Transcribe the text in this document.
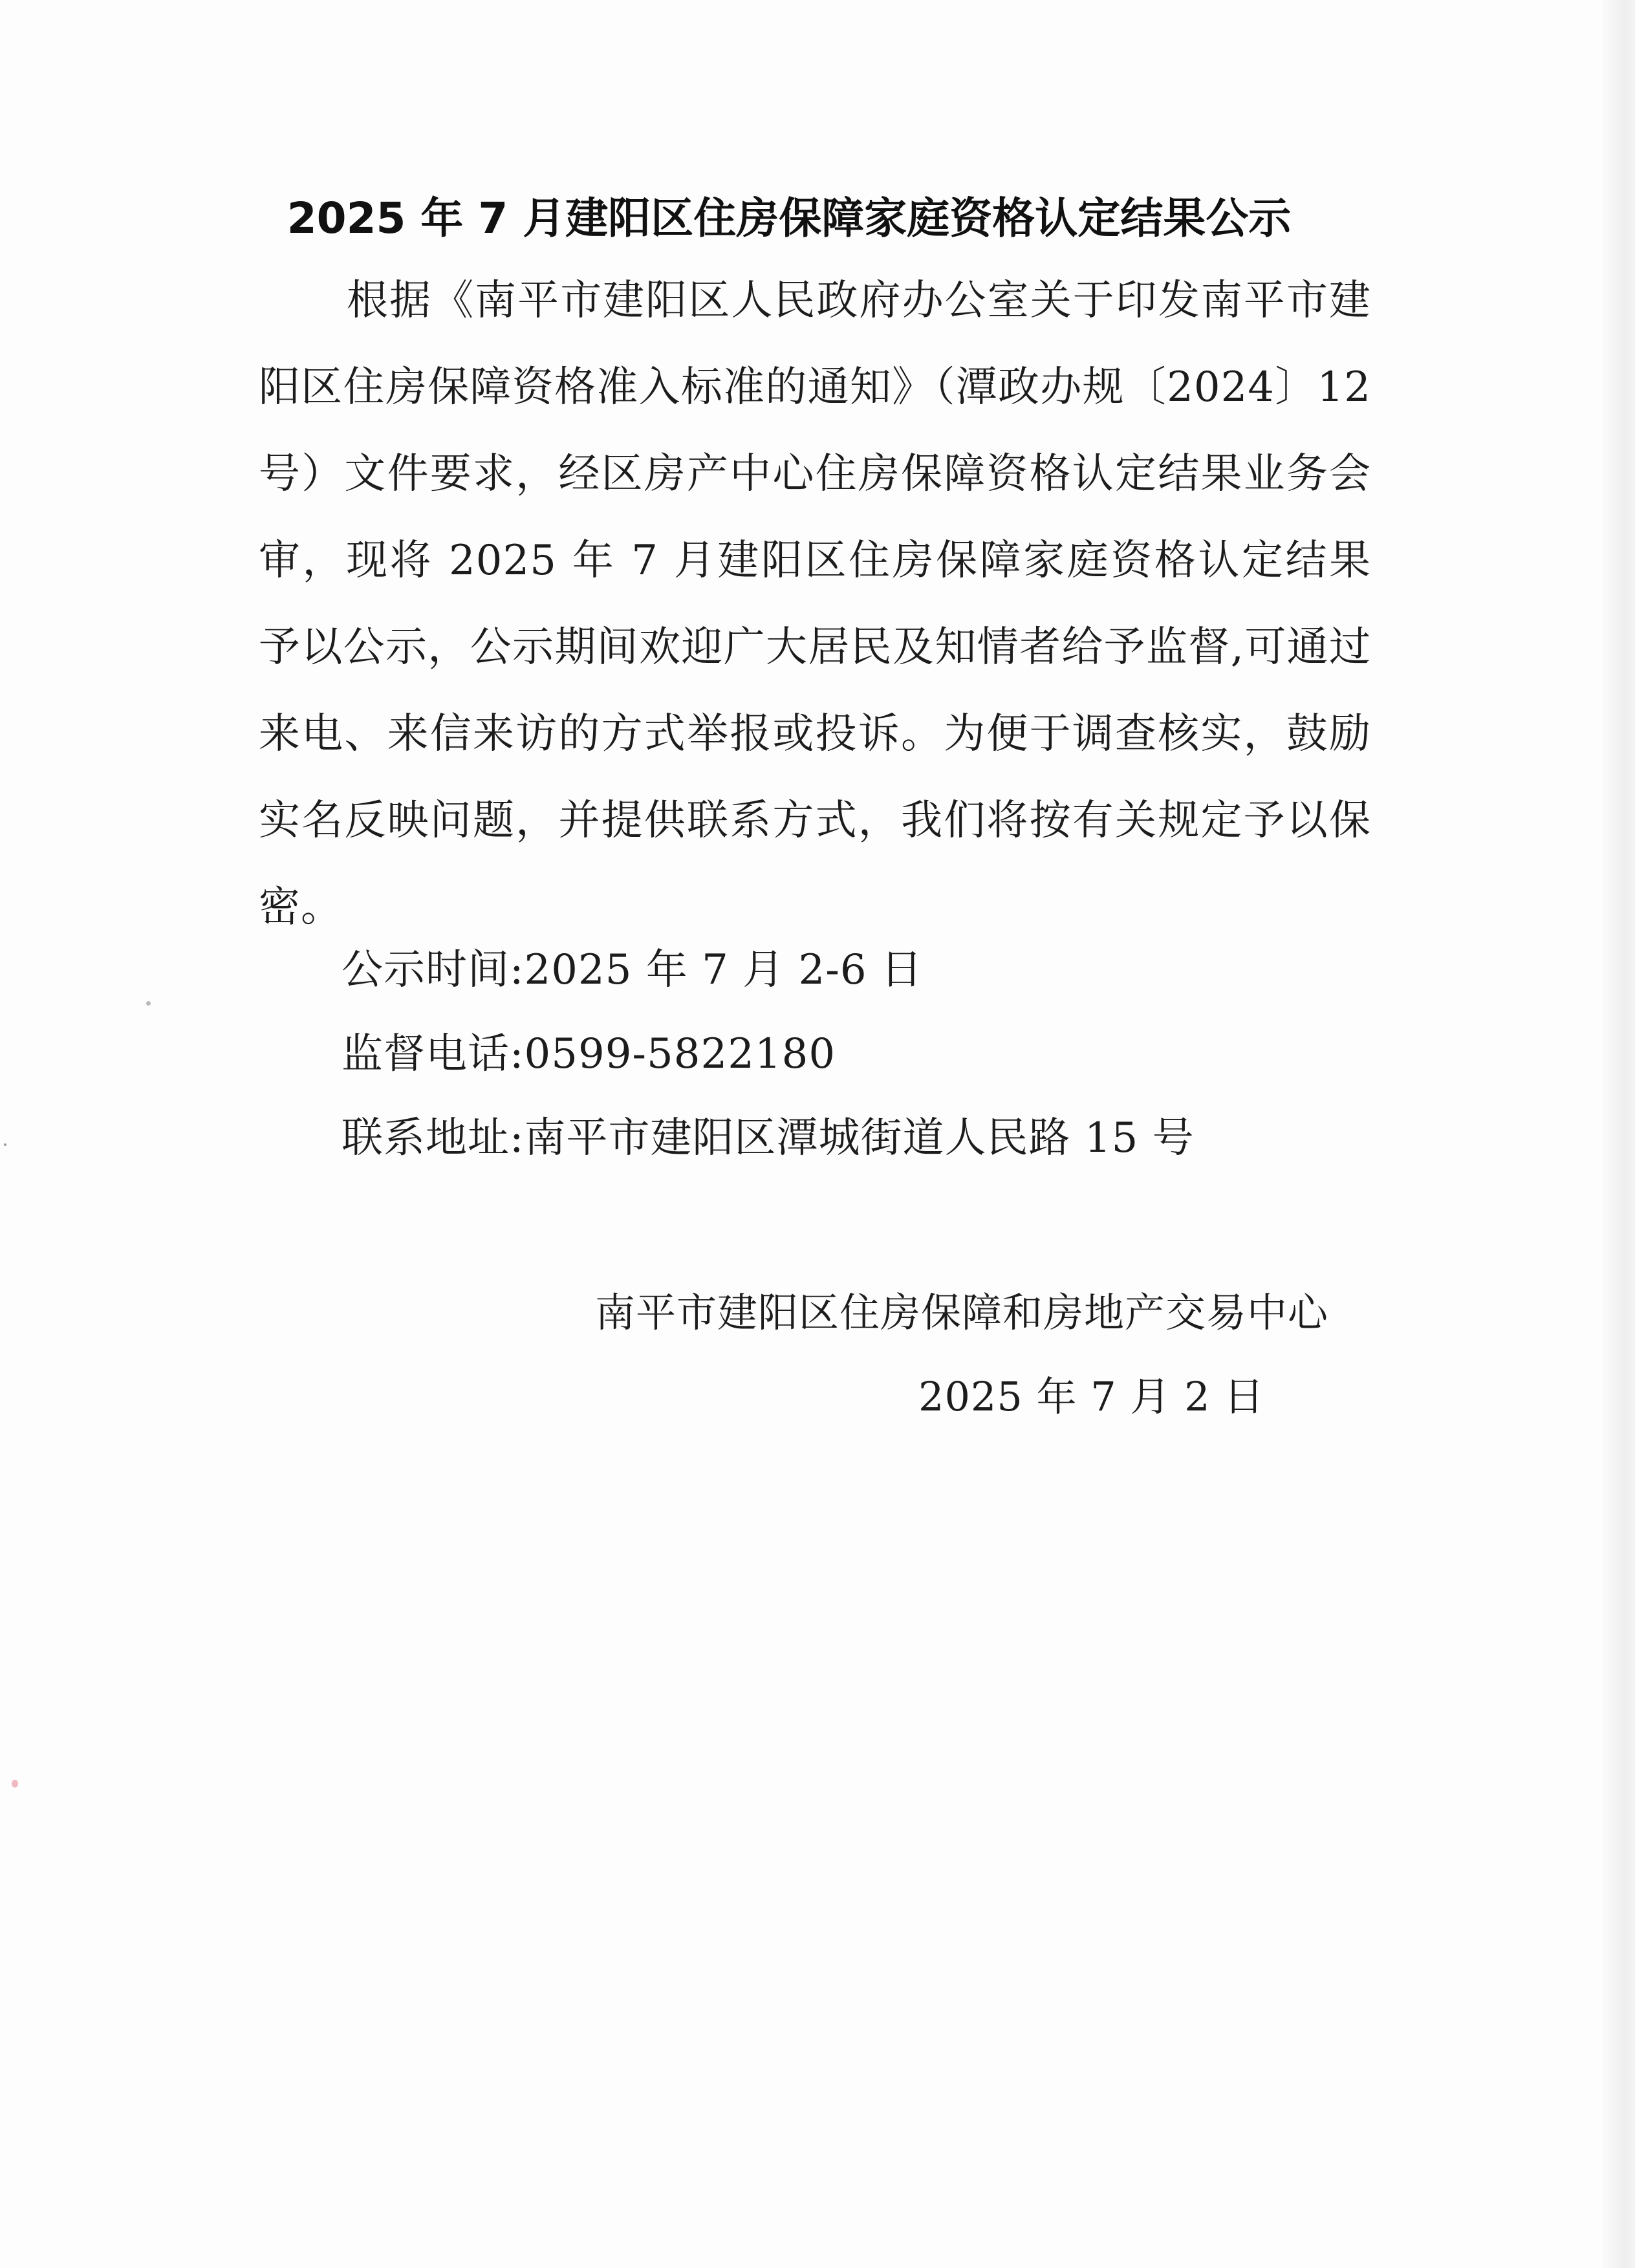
2025 年 7 月建阳区住房保障家庭资格认定结果公示
根据《南平市建阳区人民政府办公室关于印发南平市建阳区住房保障资格准入标准的通知》（潭政办规〔2024〕12号）文件要求，经区房产中心住房保障资格认定结果业务会审，现将 2025 年 7 月建阳区住房保障家庭资格认定结果予以公示，公示期间欢迎广大居民及知情者给予监督,可通过来电、来信来访的方式举报或投诉。为便于调查核实，鼓励实名反映问题，并提供联系方式，我们将按有关规定予以保密。
公示时间:2025 年 7 月 2-6 日
监督电话:0599-5822180
联系地址:南平市建阳区潭城街道人民路 15 号
南平市建阳区住房保障和房地产交易中心
2025 年 7 月 2 日
